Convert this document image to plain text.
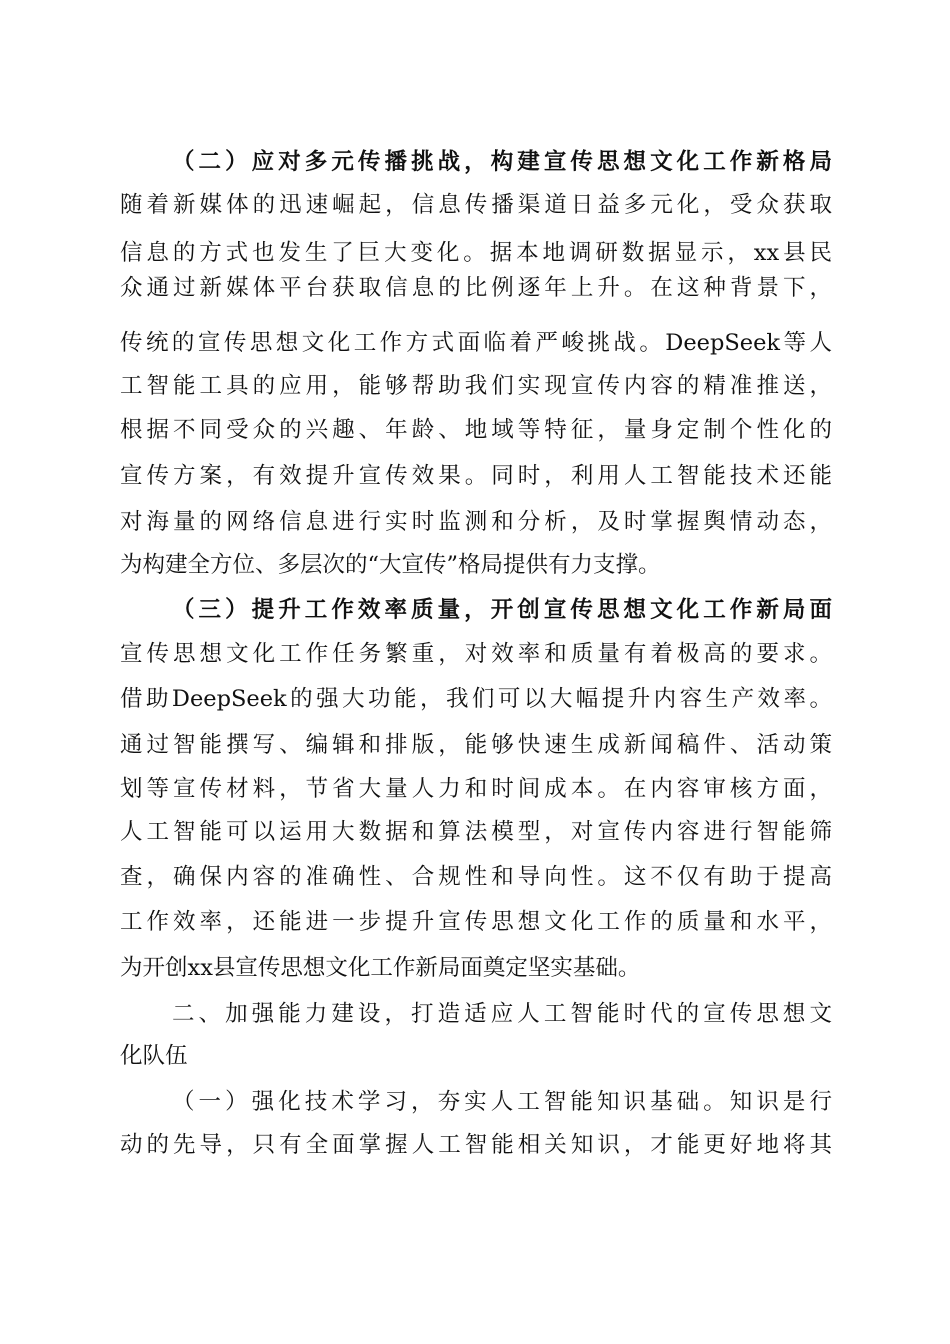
（二）应对多元传播挑战，构建宣传思想文化工作新格局
随着新媒体的迅速崛起，信息传播渠道日益多元化，受众获取
信息的方式也发生了巨大变化。据本地调研数据显示，xx县民
众通过新媒体平台获取信息的比例逐年上升。在这种背景下，
传统的宣传思想文化工作方式面临着严峻挑战。DeepSeek等人
工智能工具的应用，能够帮助我们实现宣传内容的精准推送，
根据不同受众的兴趣、年龄、地域等特征，量身定制个性化的
宣传方案，有效提升宣传效果。同时，利用人工智能技术还能
对海量的网络信息进行实时监测和分析，及时掌握舆情动态，
为构建全方位、多层次的“大宣传”格局提供有力支撑。
（三）提升工作效率质量，开创宣传思想文化工作新局面
宣传思想文化工作任务繁重，对效率和质量有着极高的要求。
借助DeepSeek的强大功能，我们可以大幅提升内容生产效率。
通过智能撰写、编辑和排版，能够快速生成新闻稿件、活动策
划等宣传材料，节省大量人力和时间成本。在内容审核方面，
人工智能可以运用大数据和算法模型，对宣传内容进行智能筛
查，确保内容的准确性、合规性和导向性。这不仅有助于提高
工作效率，还能进一步提升宣传思想文化工作的质量和水平，
为开创xx县宣传思想文化工作新局面奠定坚实基础。
二、加强能力建设，打造适应人工智能时代的宣传思想文
化队伍
（一）强化技术学习，夯实人工智能知识基础。知识是行
动的先导，只有全面掌握人工智能相关知识，才能更好地将其
